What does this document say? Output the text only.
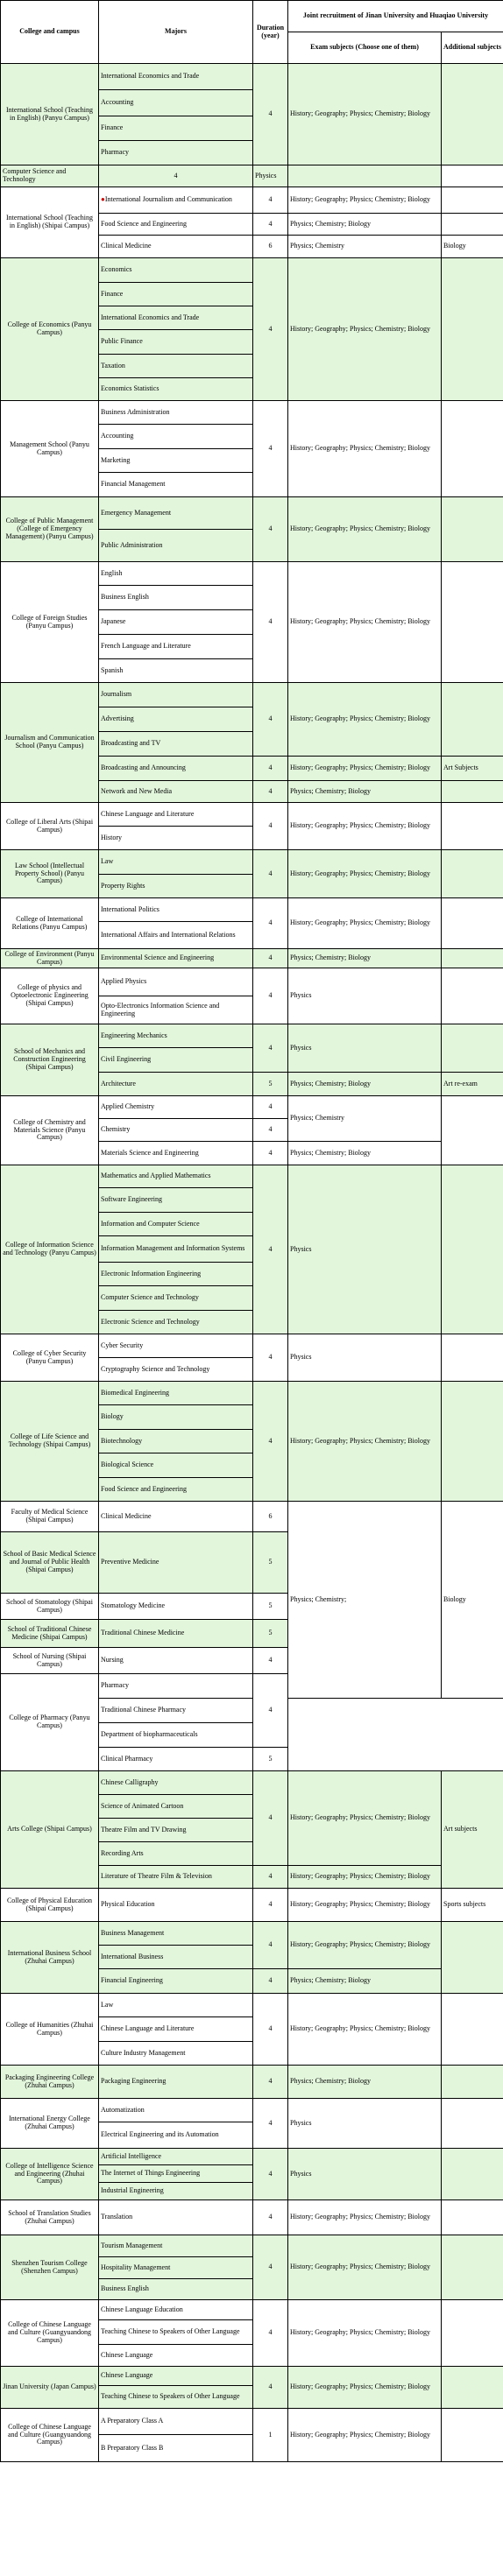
College and campus	Majors	Duration (year)	Joint recruitment of Jinan University and Huaqiao University		
			Exam subjects (Choose one of them)	Additional subjects	
International School (Teaching in English) (Panyu Campus)	International Economics and Trade	4	History; Geography; Physics; Chemistry; Biology		
	Accounting				
	Finance				
	Pharmacy			
Computer Science and Technology	4	Physics			
International School (Teaching in English) (Shipai Campus)	●International Journalism and Communication	4	History; Geography; Physics; Chemistry; Biology		
	Food Science and Engineering	4	Physics; Chemistry; Biology		
	Clinical Medicine	6	Physics; Chemistry	Biology	
College of Economics (Panyu Campus)	Economics	4	History; Geography; Physics; Chemistry; Biology		
	Finance				
	International Economics and Trade				
	Public Finance				
	Taxation				
	Economics Statistics				
Management School (Panyu Campus)	Business Administration	4	History; Geography; Physics; Chemistry; Biology		
	Accounting				
	Marketing				
	Financial Management				
College of Public Management (College of Emergency Management) (Panyu Campus)	Emergency Management	4	History; Geography; Physics; Chemistry; Biology		
	Public Administration				
College of Foreign Studies (Panyu Campus)	English	4	History; Geography; Physics; Chemistry; Biology		
	Business English				
	Japanese				
	French Language and Literature				
	Spanish				
Journalism and Communication School (Panyu Campus)	Journalism	4	History; Geography; Physics; Chemistry; Biology		
	Advertising				
	Broadcasting and TV				
	Broadcasting and Announcing	4	History; Geography; Physics; Chemistry; Biology	Art Subjects	
	Network and New Media	4	Physics; Chemistry; Biology		
College of Liberal Arts (Shipai Campus)	Chinese Language and Literature	4	History; Geography; Physics; Chemistry; Biology		
	History				
Law School (Intellectual Property School) (Panyu Campus)	Law	4	History; Geography; Physics; Chemistry; Biology		
	Property Rights				
College of International Relations (Panyu Campus)	International Politics	4	History; Geography; Physics; Chemistry; Biology		
	International Affairs and International Relations				
College of Environment (Panyu Campus)	Environmental Science and Engineering	4	Physics; Chemistry; Biology		
College of physics and Optoelectronic Engineering (Shipai Campus)	Applied Physics	4	Physics		
	Opto-Electronics Information Science and Engineering				
School of Mechanics and Construction Engineering (Shipai Campus)	Engineering Mechanics	4	Physics		
	Civil Engineering				
	Architecture	5	Physics; Chemistry; Biology	Art re-exam	
College of Chemistry and Materials Science (Panyu Campus)	Applied Chemistry	4	Physics; Chemistry		
	Chemistry	4			
	Materials Science and Engineering	4	Physics; Chemistry; Biology		
College of Information Science and Technology (Panyu Campus)	Mathematics and Applied Mathematics	4	Physics		
	Software Engineering				
	Information and Computer Science				
	Information Management and Information Systems				
	Electronic Information Engineering				
	Computer Science and Technology				
	Electronic Science and Technology				
College of Cyber Security (Panyu Campus)	Cyber Security	4	Physics		
	Cryptography Science and Technology				
College of Life Science and Technology (Shipai Campus)	Biomedical Engineering	4	History; Geography; Physics; Chemistry; Biology		
	Biology				
	Biotechnology				
	Biological Science				
	Food Science and Engineering				
Faculty of Medical Science (Shipai Campus)	Clinical Medicine	6	Physics; Chemistry;	Biology	
School of Basic Medical Science and Journal of Public Health (Shipai Campus)	Preventive Medicine	5			
School of Stomatology (Shipai Campus)	Stomatology Medicine	5			
School of Traditional Chinese Medicine (Shipai Campus)	Traditional Chinese Medicine	5			
School of Nursing (Shipai Campus)	Nursing	4			
College of Pharmacy (Panyu Campus)	Pharmacy	4		
	Traditional Chinese Pharmacy				
	Department of biopharmaceuticals				
	Clinical Pharmacy	5			
Arts College (Shipai Campus)	Chinese Calligraphy	4	History; Geography; Physics; Chemistry; Biology	Art subjects	
	Science of Animated Cartoon				
	Theatre Film and TV Drawing				
	Recording Arts				
	Literature of Theatre Film & Television	4	History; Geography; Physics; Chemistry; Biology		
College of Physical Education (Shipai Campus)	Physical Education	4	History; Geography; Physics; Chemistry; Biology	Sports subjects	
International Business School (Zhuhai Campus)	Business Management	4	History; Geography; Physics; Chemistry; Biology		
	International Business				
	Financial Engineering	4	Physics; Chemistry; Biology		
College of Humanities (Zhuhai Campus)	Law	4	History; Geography; Physics; Chemistry; Biology		
	Chinese Language and Literature				
	Culture Industry Management				
Packaging Engineering College (Zhuhai Campus)	Packaging Engineering	4	Physics; Chemistry; Biology		
International Energy College (Zhuhai Campus)	Automatization	4	Physics		
	Electrical Engineering and its Automation				
College of Intelligence Science and Engineering (Zhuhai Campus)	Artificial Intelligence	4	Physics		
	The Internet of Things Engineering				
	Industrial Engineering				
School of Translation Studies (Zhuhai Campus)	Translation	4	History; Geography; Physics; Chemistry; Biology		
Shenzhen Tourism College (Shenzhen Campus)	Tourism Management	4	History; Geography; Physics; Chemistry; Biology		
	Hospitality Management				
	Business English				
College of Chinese Language and Culture (Guangyuandong Campus)	Chinese Language Education	4	History; Geography; Physics; Chemistry; Biology		
	Teaching Chinese to Speakers of Other Language				
	Chinese Language				
Jinan University (Japan Campus)	Chinese Language	4	History; Geography; Physics; Chemistry; Biology		
	Teaching Chinese to Speakers of Other Language				
College of Chinese Language and Culture (Guangyuandong Campus)	A Preparatory Class A	1	History; Geography; Physics; Chemistry; Biology		
	B Preparatory Class B				
